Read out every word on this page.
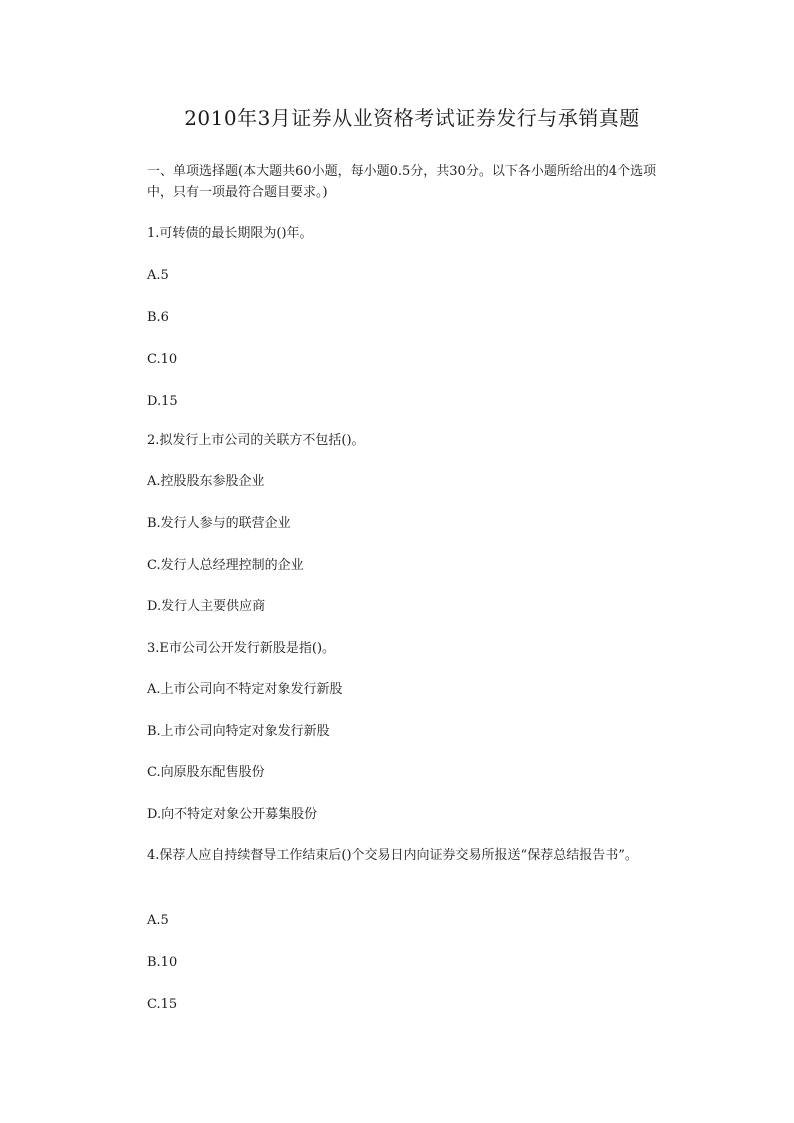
2010年3月证券从业资格考试证券发行与承销真题
一、单项选择题(本大题共60小题，每小题0.5分，共30分。以下各小题所给出的4个选项中，只有一项最符合题目要求。)
1.可转债的最长期限为()年。
A.5
B.6
C.10
D.15
2.拟发行上市公司的关联方不包括()。
A.控股股东参股企业
B.发行人参与的联营企业
C.发行人总经理控制的企业
D.发行人主要供应商
3.E市公司公开发行新股是指()。
A.上市公司向不特定对象发行新股
B.上市公司向特定对象发行新股
C.向原股东配售股份
D.向不特定对象公开募集股份
4.保荐人应自持续督导工作结束后()个交易日内向证券交易所报送“保荐总结报告书”。
A.5
B.10
C.15
